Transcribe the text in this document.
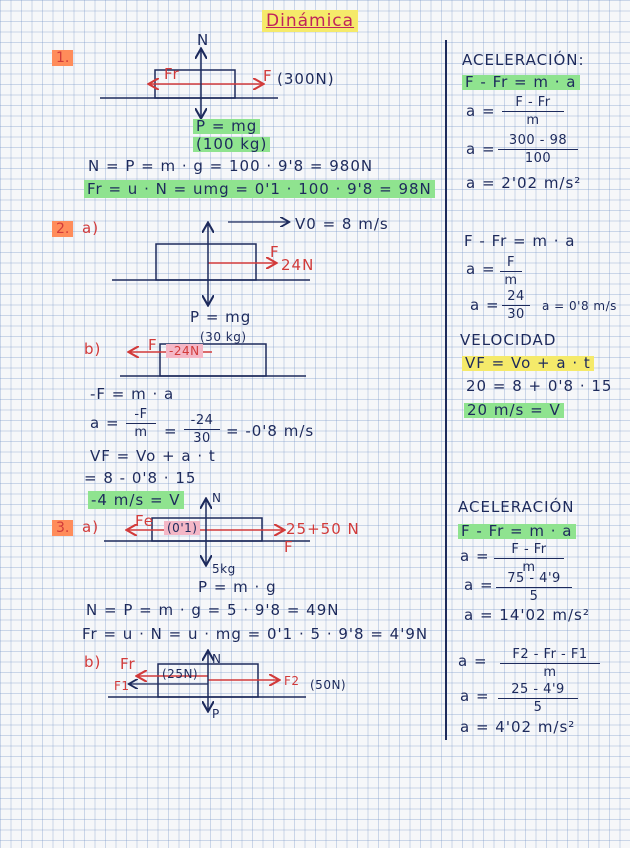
Dinámica
1.
N
Fr	F (300N)
P = mg
(100 kg)
N = P = m · g = 100 · 9'8 = 980N
Fr = u · N = umg = 0'1 · 100 · 9'8 = 98N
ACELERACIÓN:
F - Fr = m · a
a =	F - Fr
m
a =	300 - 98
100
a = 2'02 m/s²
2. a)	V0 = 8 m/s
F
24N
P = mg
(30 kg)
b)	F -24N
-F = m · a
a =	-F
m	=
-24
30	= -0'8 m/s
VF = Vo + a · t
= 8 - 0'8 · 15
-4 m/s = V
F - Fr = m · a
a = F
m
a = 24
30
a = 0'8 m/s
VELOCIDAD
VF = Vo + a · t
20 = 8 + 0'8 · 15
20 m/s = V
3. a) Fe (0'1)	25+50 N
F
N
5kg
P = m · g
N = P = m · g = 5 · 9'8 = 49N
Fr = u · N = u · mg = 0'1 · 5 · 9'8 = 4'9N
b) Fr
F1
(25N)
N
F2 (50N)
P
ACELERACIÓN
F - Fr = m · a
a =	F - Fr
m
a =	75 - 4'9
5
a = 14'02 m/s²
a =	F2 - Fr - F1
m
a =	25 - 4'9
5
a = 4'02 m/s²
